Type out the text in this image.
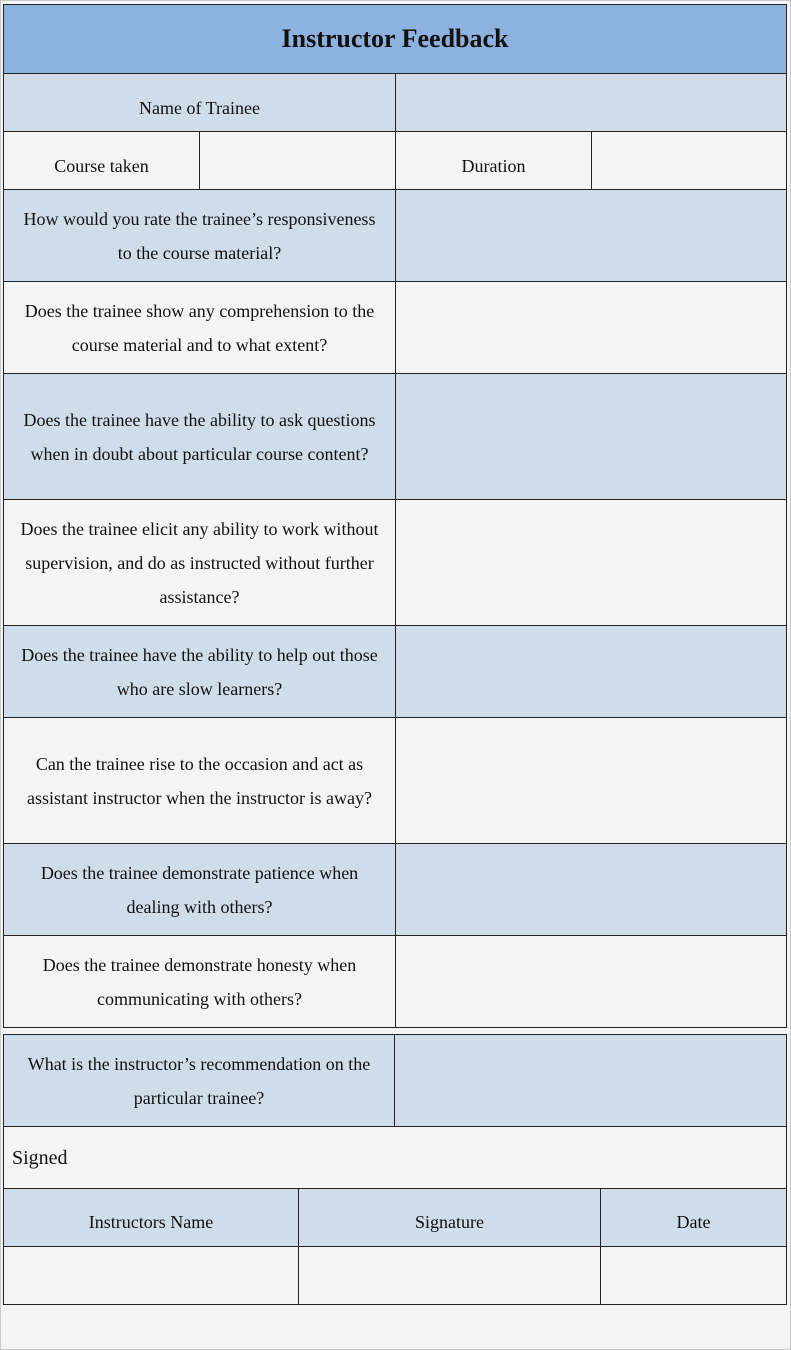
Instructor Feedback			
Name of Trainee			
Course taken		Duration	
How would you rate the trainee’s responsiveness to the course material?			
Does the trainee show any comprehension to the course material and to what extent?			
Does the trainee have the ability to ask questions when in doubt about particular course content?			
Does the trainee elicit any ability to work without supervision, and do as instructed without further assistance?			
Does the trainee have the ability to help out those who are slow learners?			
Can the trainee rise to the occasion and act as assistant instructor when the instructor is away?			
Does the trainee demonstrate patience when dealing with others?			
Does the trainee demonstrate honesty when communicating with others?			
What is the instructor’s recommendation on the particular trainee?			
Signed			
Instructors Name	Signature		Date
